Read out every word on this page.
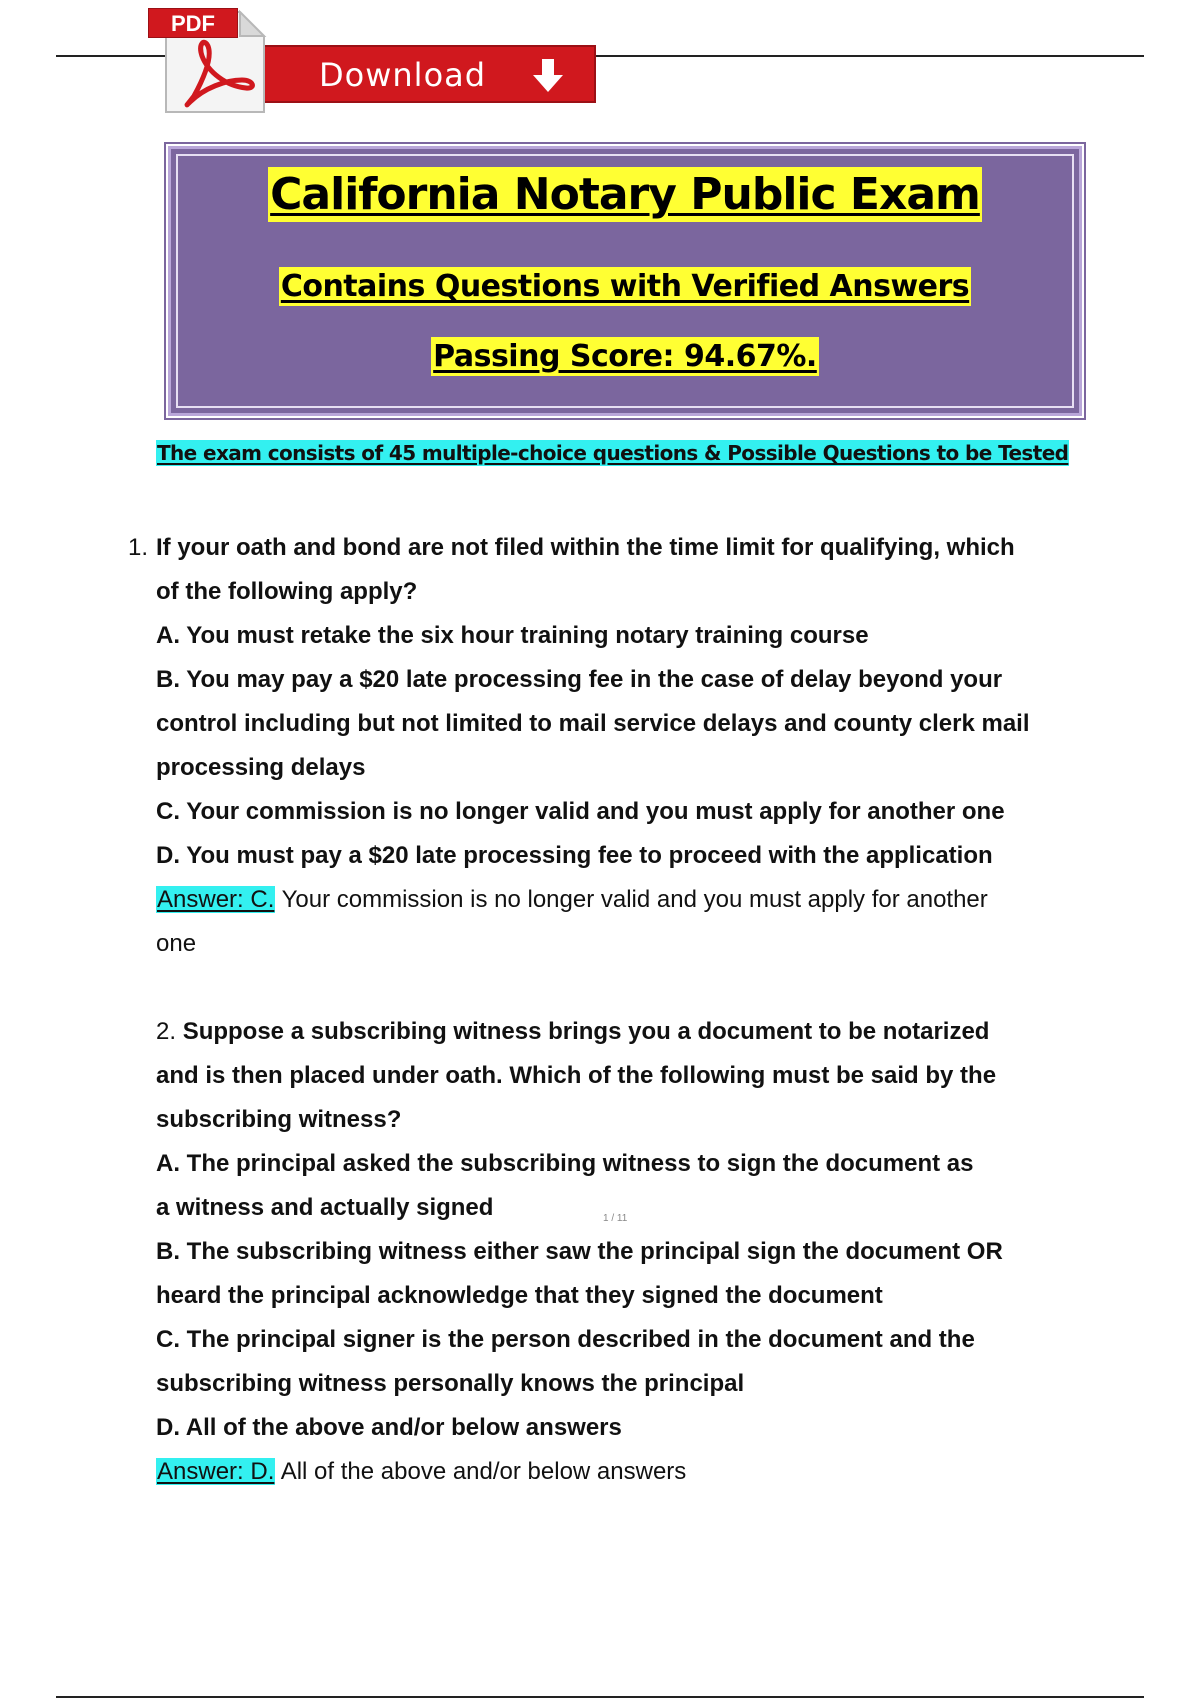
Download
PDF
California Notary Public Exam
Contains Questions with Verified Answers
Passing Score: 94.67%.
The exam consists of 45 multiple-choice questions & Possible Questions to be Tested
1. If your oath and bond are not filed within the time limit for qualifying, which
of the following apply?
A. You must retake the six hour training notary training course
B. You may pay a $20 late processing fee in the case of delay beyond your
control including but not limited to mail service delays and county clerk mail
processing delays
C. Your commission is no longer valid and you must apply for another one
D. You must pay a $20 late processing fee to proceed with the application
Answer: C. Your commission is no longer valid and you must apply for another
one
2. Suppose a subscribing witness brings you a document to be notarized
and is then placed under oath. Which of the following must be said by the
subscribing witness?
A. The principal asked the subscribing witness to sign the document as
a witness and actually signed	1 / 11
B. The subscribing witness either saw the principal sign the document OR
heard the principal acknowledge that they signed the document
C. The principal signer is the person described in the document and the
subscribing witness personally knows the principal
D. All of the above and/or below answers
Answer: D. All of the above and/or below answers
